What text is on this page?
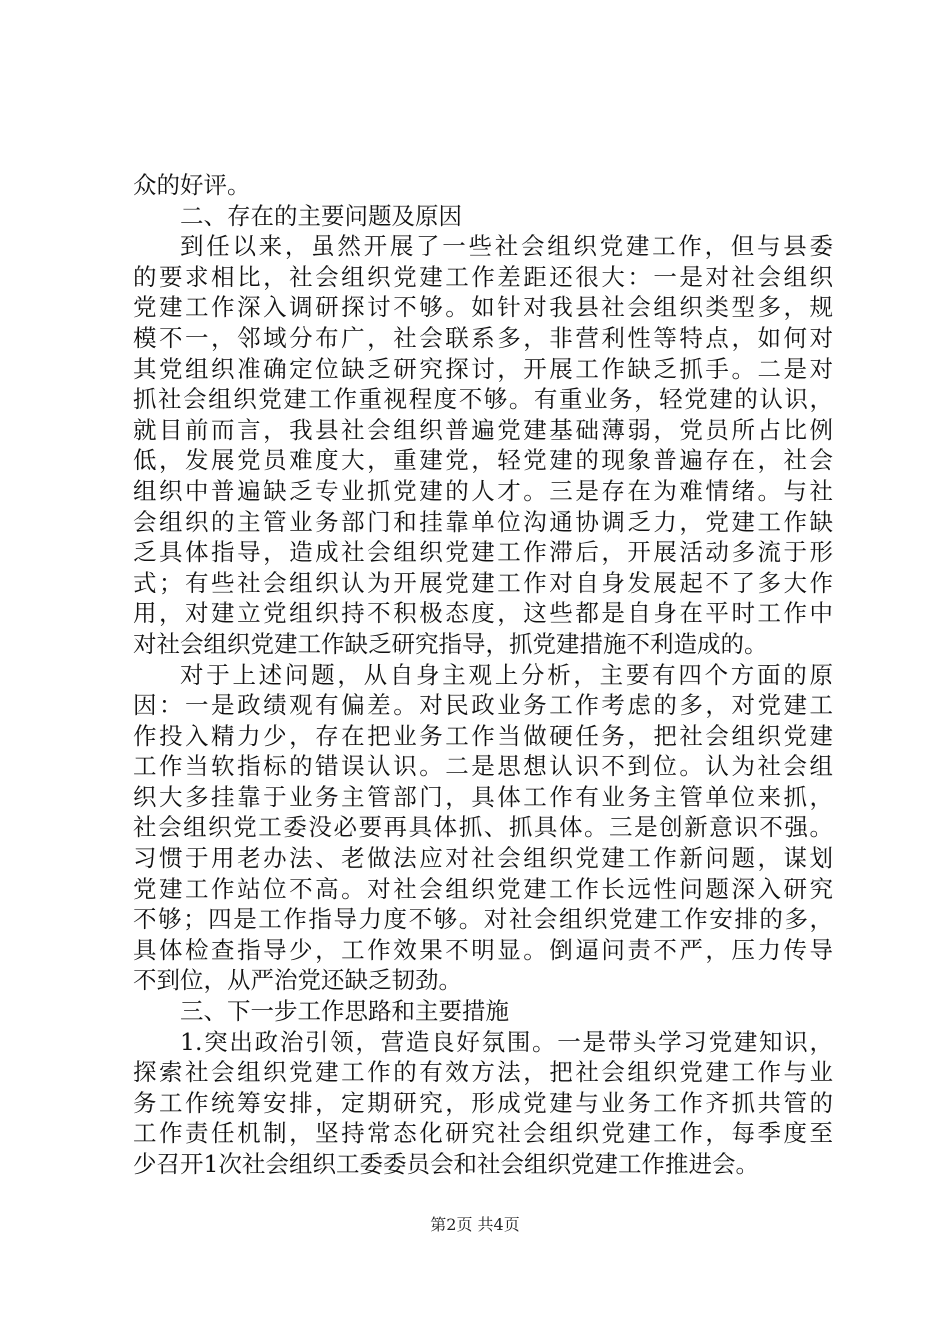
众的好评。
二、存在的主要问题及原因
到任以来，虽然开展了一些社会组织党建工作，但与县委
的要求相比，社会组织党建工作差距还很大：一是对社会组织
党建工作深入调研探讨不够。如针对我县社会组织类型多，规
模不一，邻域分布广，社会联系多，非营利性等特点，如何对
其党组织准确定位缺乏研究探讨，开展工作缺乏抓手。二是对
抓社会组织党建工作重视程度不够。有重业务，轻党建的认识，
就目前而言，我县社会组织普遍党建基础薄弱，党员所占比例
低，发展党员难度大，重建党，轻党建的现象普遍存在，社会
组织中普遍缺乏专业抓党建的人才。三是存在为难情绪。与社
会组织的主管业务部门和挂靠单位沟通协调乏力，党建工作缺
乏具体指导，造成社会组织党建工作滞后，开展活动多流于形
式；有些社会组织认为开展党建工作对自身发展起不了多大作
用，对建立党组织持不积极态度，这些都是自身在平时工作中
对社会组织党建工作缺乏研究指导，抓党建措施不利造成的。
对于上述问题，从自身主观上分析，主要有四个方面的原
因：一是政绩观有偏差。对民政业务工作考虑的多，对党建工
作投入精力少，存在把业务工作当做硬任务，把社会组织党建
工作当软指标的错误认识。二是思想认识不到位。认为社会组
织大多挂靠于业务主管部门，具体工作有业务主管单位来抓，
社会组织党工委没必要再具体抓、抓具体。三是创新意识不强。
习惯于用老办法、老做法应对社会组织党建工作新问题，谋划
党建工作站位不高。对社会组织党建工作长远性问题深入研究
不够；四是工作指导力度不够。对社会组织党建工作安排的多，
具体检查指导少，工作效果不明显。倒逼问责不严，压力传导
不到位，从严治党还缺乏韧劲。
三、下一步工作思路和主要措施
1.突出政治引领，营造良好氛围。一是带头学习党建知识，
探索社会组织党建工作的有效方法，把社会组织党建工作与业
务工作统筹安排，定期研究，形成党建与业务工作齐抓共管的
工作责任机制，坚持常态化研究社会组织党建工作，每季度至
少召开1次社会组织工委委员会和社会组织党建工作推进会。
第2页 共4页
